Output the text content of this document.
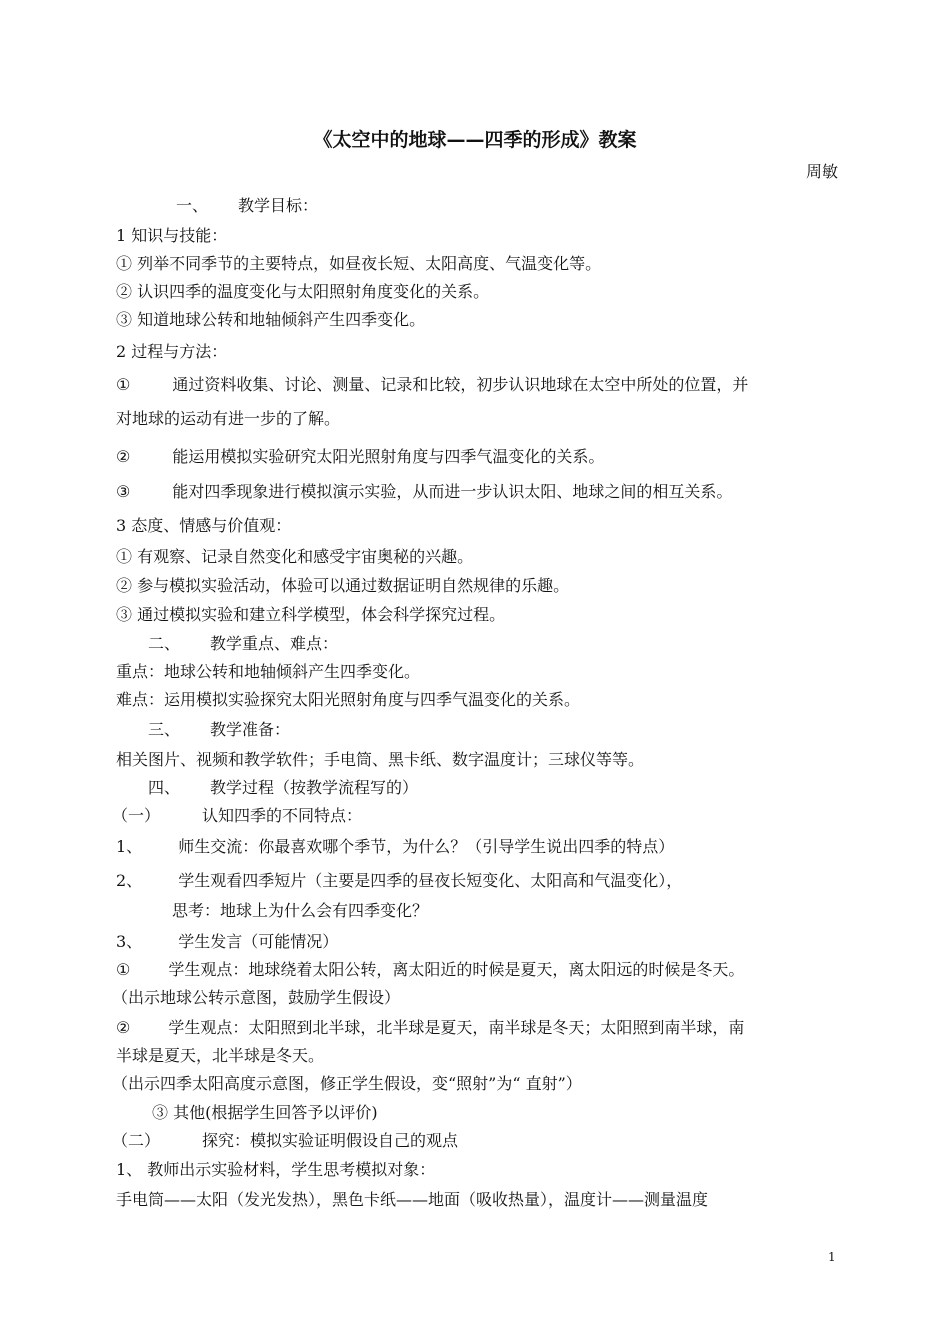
《太空中的地球——四季的形成》教案
周敏
一、 教学目标：
1 知识与技能：
① 列举不同季节的主要特点，如昼夜长短、太阳高度、气温变化等。
② 认识四季的温度变化与太阳照射角度变化的关系。
③ 知道地球公转和地轴倾斜产生四季变化。
2 过程与方法：
①	通过资料收集、讨论、测量、记录和比较，初步认识地球在太空中所处的位置，并
对地球的运动有进一步的了解。
②	能运用模拟实验研究太阳光照射角度与四季气温变化的关系。
③	能对四季现象进行模拟演示实验，从而进一步认识太阳、地球之间的相互关系。
3 态度、情感与价值观：
① 有观察、记录自然变化和感受宇宙奥秘的兴趣。
② 参与模拟实验活动，体验可以通过数据证明自然规律的乐趣。
③ 通过模拟实验和建立科学模型，体会科学探究过程。
二、 教学重点、难点：
重点：地球公转和地轴倾斜产生四季变化。
难点：运用模拟实验探究太阳光照射角度与四季气温变化的关系。
三、 教学准备：
相关图片、视频和教学软件；手电筒、黑卡纸、数字温度计；三球仪等等。
四、 教学过程（按教学流程写的）
（一）	认知四季的不同特点：
1、 师生交流：你最喜欢哪个季节，为什么？（引导学生说出四季的特点）
2、 学生观看四季短片（主要是四季的昼夜长短变化、太阳高和气温变化），
思考：地球上为什么会有四季变化？
3、 学生发言（可能情况）
① 学生观点：地球绕着太阳公转，离太阳近的时候是夏天，离太阳远的时候是冬天。
（出示地球公转示意图，鼓励学生假设）
② 学生观点：太阳照到北半球，北半球是夏天，南半球是冬天；太阳照到南半球，南
半球是夏天，北半球是冬天。
（出示四季太阳高度示意图，修正学生假设，变“照射”为“ 直射”）
③ 其他(根据学生回答予以评价)
（二）	探究：模拟实验证明假设自己的观点
1、 教师出示实验材料，学生思考模拟对象：
手电筒——太阳（发光发热），黑色卡纸——地面（吸收热量），温度计——测量温度
1
